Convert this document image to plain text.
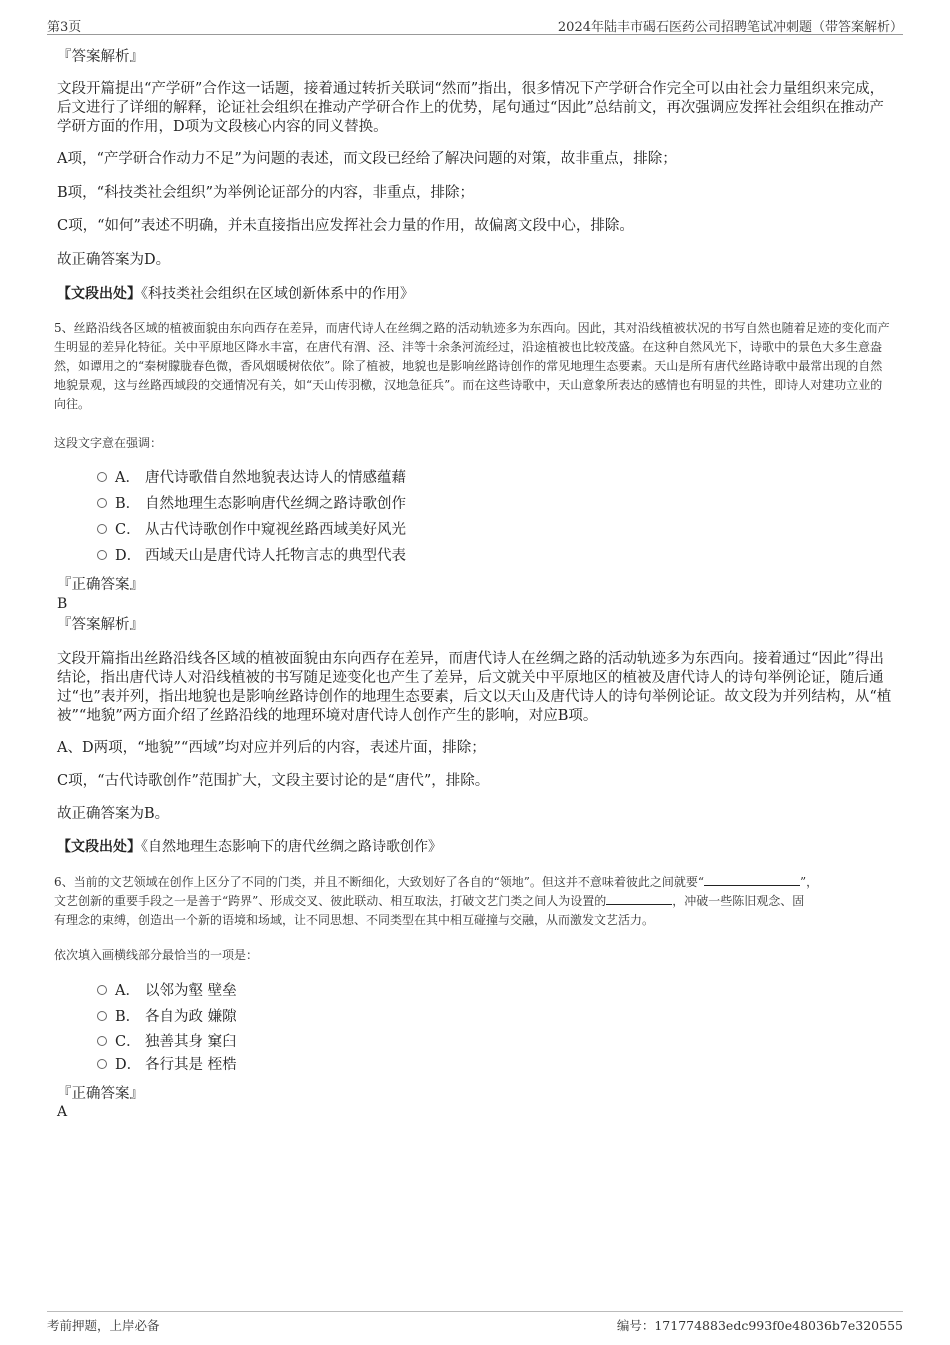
第3页	2024年陆丰市碣石医药公司招聘笔试冲刺题（带答案解析）
『答案解析』
文段开篇提出“产学研”合作这一话题，接着通过转折关联词“然而”指出，很多情况下产学研合作完全可以由社会力量组织来完成，后文进行了详细的解释，论证社会组织在推动产学研合作上的优势，尾句通过“因此”总结前文，再次强调应发挥社会组织在推动产学研方面的作用，D项为文段核心内容的同义替换。
A项，“产学研合作动力不足”为问题的表述，而文段已经给了解决问题的对策，故非重点，排除；
B项，“科技类社会组织”为举例论证部分的内容，非重点，排除；
C项，“如何”表述不明确，并未直接指出应发挥社会力量的作用，故偏离文段中心，排除。
故正确答案为D。
【文段出处】《科技类社会组织在区域创新体系中的作用》
5、丝路沿线各区域的植被面貌由东向西存在差异，而唐代诗人在丝绸之路的活动轨迹多为东西向。因此，其对沿线植被状况的书写自然也随着足迹的变化而产生明显的差异化特征。关中平原地区降水丰富，在唐代有渭、泾、沣等十余条河流经过，沿途植被也比较茂盛。在这种自然风光下，诗歌中的景色大多生意盎然，如谭用之的“秦树朦胧春色微，香风烟暖树依依”。除了植被，地貌也是影响丝路诗创作的常见地理生态要素。天山是所有唐代丝路诗歌中最常出现的自然地貌景观，这与丝路西域段的交通情况有关，如“天山传羽檄，汉地急征兵”。而在这些诗歌中，天山意象所表达的感情也有明显的共性，即诗人对建功立业的向往。
这段文字意在强调：
A． 唐代诗歌借自然地貌表达诗人的情感蕴藉
B． 自然地理生态影响唐代丝绸之路诗歌创作
C． 从古代诗歌创作中窥视丝路西域美好风光
D． 西域天山是唐代诗人托物言志的典型代表
『正确答案』
B
『答案解析』
文段开篇指出丝路沿线各区域的植被面貌由东向西存在差异，而唐代诗人在丝绸之路的活动轨迹多为东西向。接着通过“因此”得出结论，指出唐代诗人对沿线植被的书写随足迹变化也产生了差异，后文就关中平原地区的植被及唐代诗人的诗句举例论证，随后通过“也”表并列，指出地貌也是影响丝路诗创作的地理生态要素，后文以天山及唐代诗人的诗句举例论证。故文段为并列结构，从“植被”“地貌”两方面介绍了丝路沿线的地理环境对唐代诗人创作产生的影响，对应B项。
A、D两项，“地貌”“西域”均对应并列后的内容，表述片面，排除；
C项，“古代诗歌创作”范围扩大，文段主要讨论的是“唐代”，排除。
故正确答案为B。
【文段出处】《自然地理生态影响下的唐代丝绸之路诗歌创作》
6、当前的文艺领域在创作上区分了不同的门类，并且不断细化，大致划好了各自的“领地”。但这并不意味着彼此之间就要“	”，
文艺创新的重要手段之一是善于“跨界”、形成交叉、彼此联动、相互取法，打破文艺门类之间人为设置的	，冲破一些陈旧观念、固
有理念的束缚，创造出一个新的语境和场域，让不同思想、不同类型在其中相互碰撞与交融，从而激发文艺活力。
依次填入画横线部分最恰当的一项是：
A． 以邻为壑 壁垒
B． 各自为政 嫌隙
C． 独善其身 窠臼
D． 各行其是 桎梏
『正确答案』
A
考前押题，上岸必备	编号：171774883edc993f0e48036b7e320555
